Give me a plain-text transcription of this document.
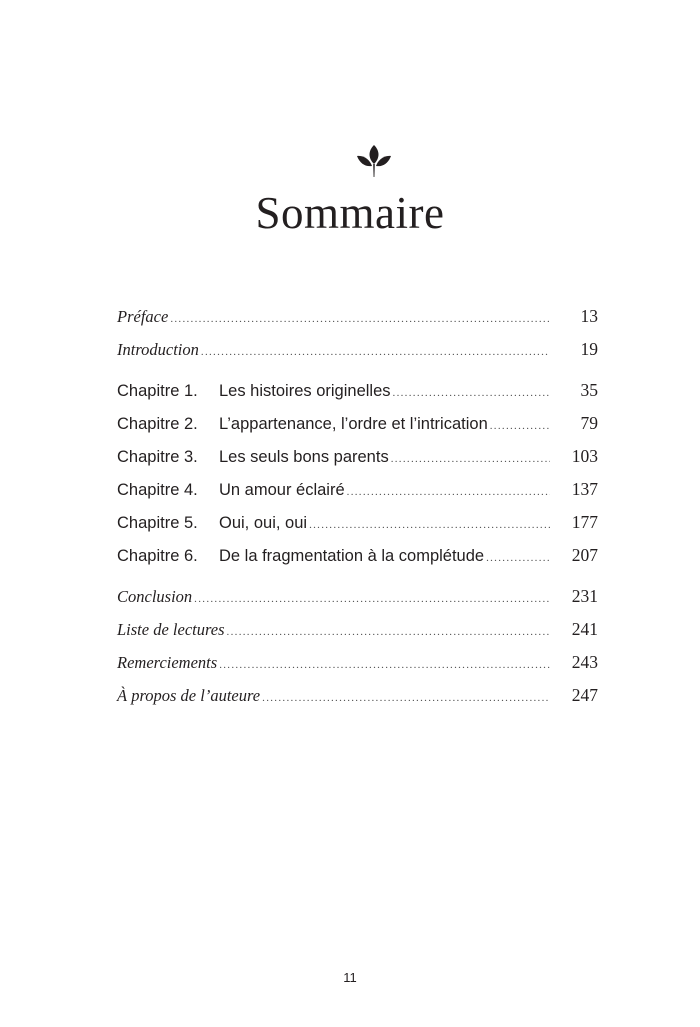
Sommaire
Préface .....	13
Introduction .....	19
Chapitre 1.	Les histoires originelles .....	35
Chapitre 2.	L’appartenance, l’ordre et l’intrication .....	79
Chapitre 3.	Les seuls bons parents .....	103
Chapitre 4.	Un amour éclairé .....	137
Chapitre 5.	Oui, oui, oui .....	177
Chapitre 6.	De la fragmentation à la complétude .....	207
Conclusion .....	231
Liste de lectures .....	241
Remerciements .....	243
À propos de l’auteure .....	247
11
